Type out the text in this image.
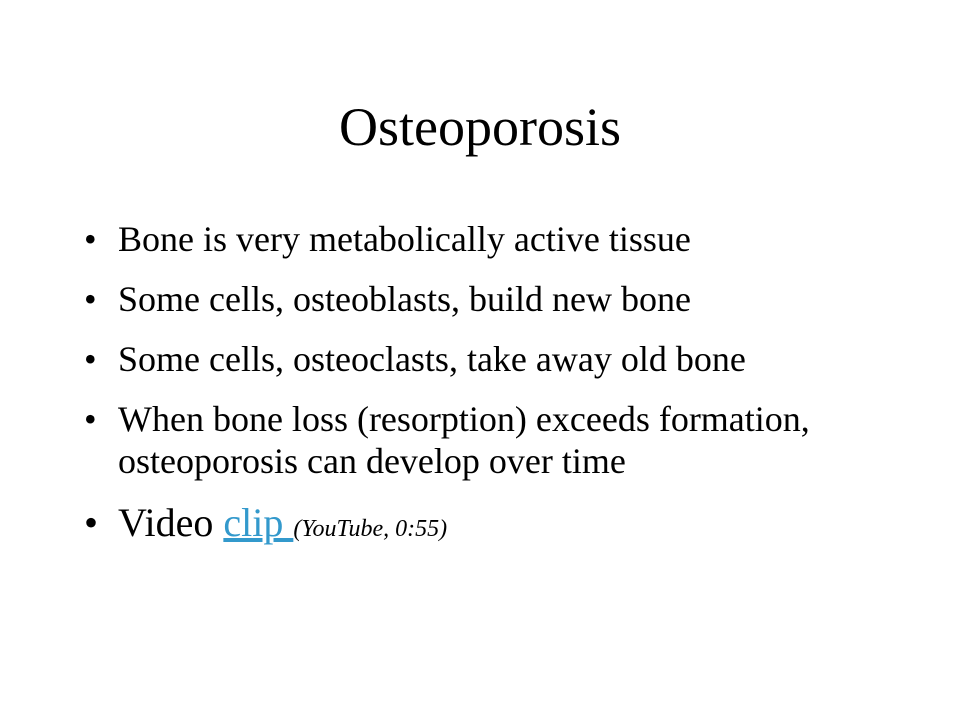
Osteoporosis
• Bone is very metabolically active tissue
• Some cells, osteoblasts, build new bone
• Some cells, osteoclasts, take away old bone
• When bone loss (resorption) exceeds formation, osteoporosis can develop over time
• Video clip (YouTube, 0:55)
